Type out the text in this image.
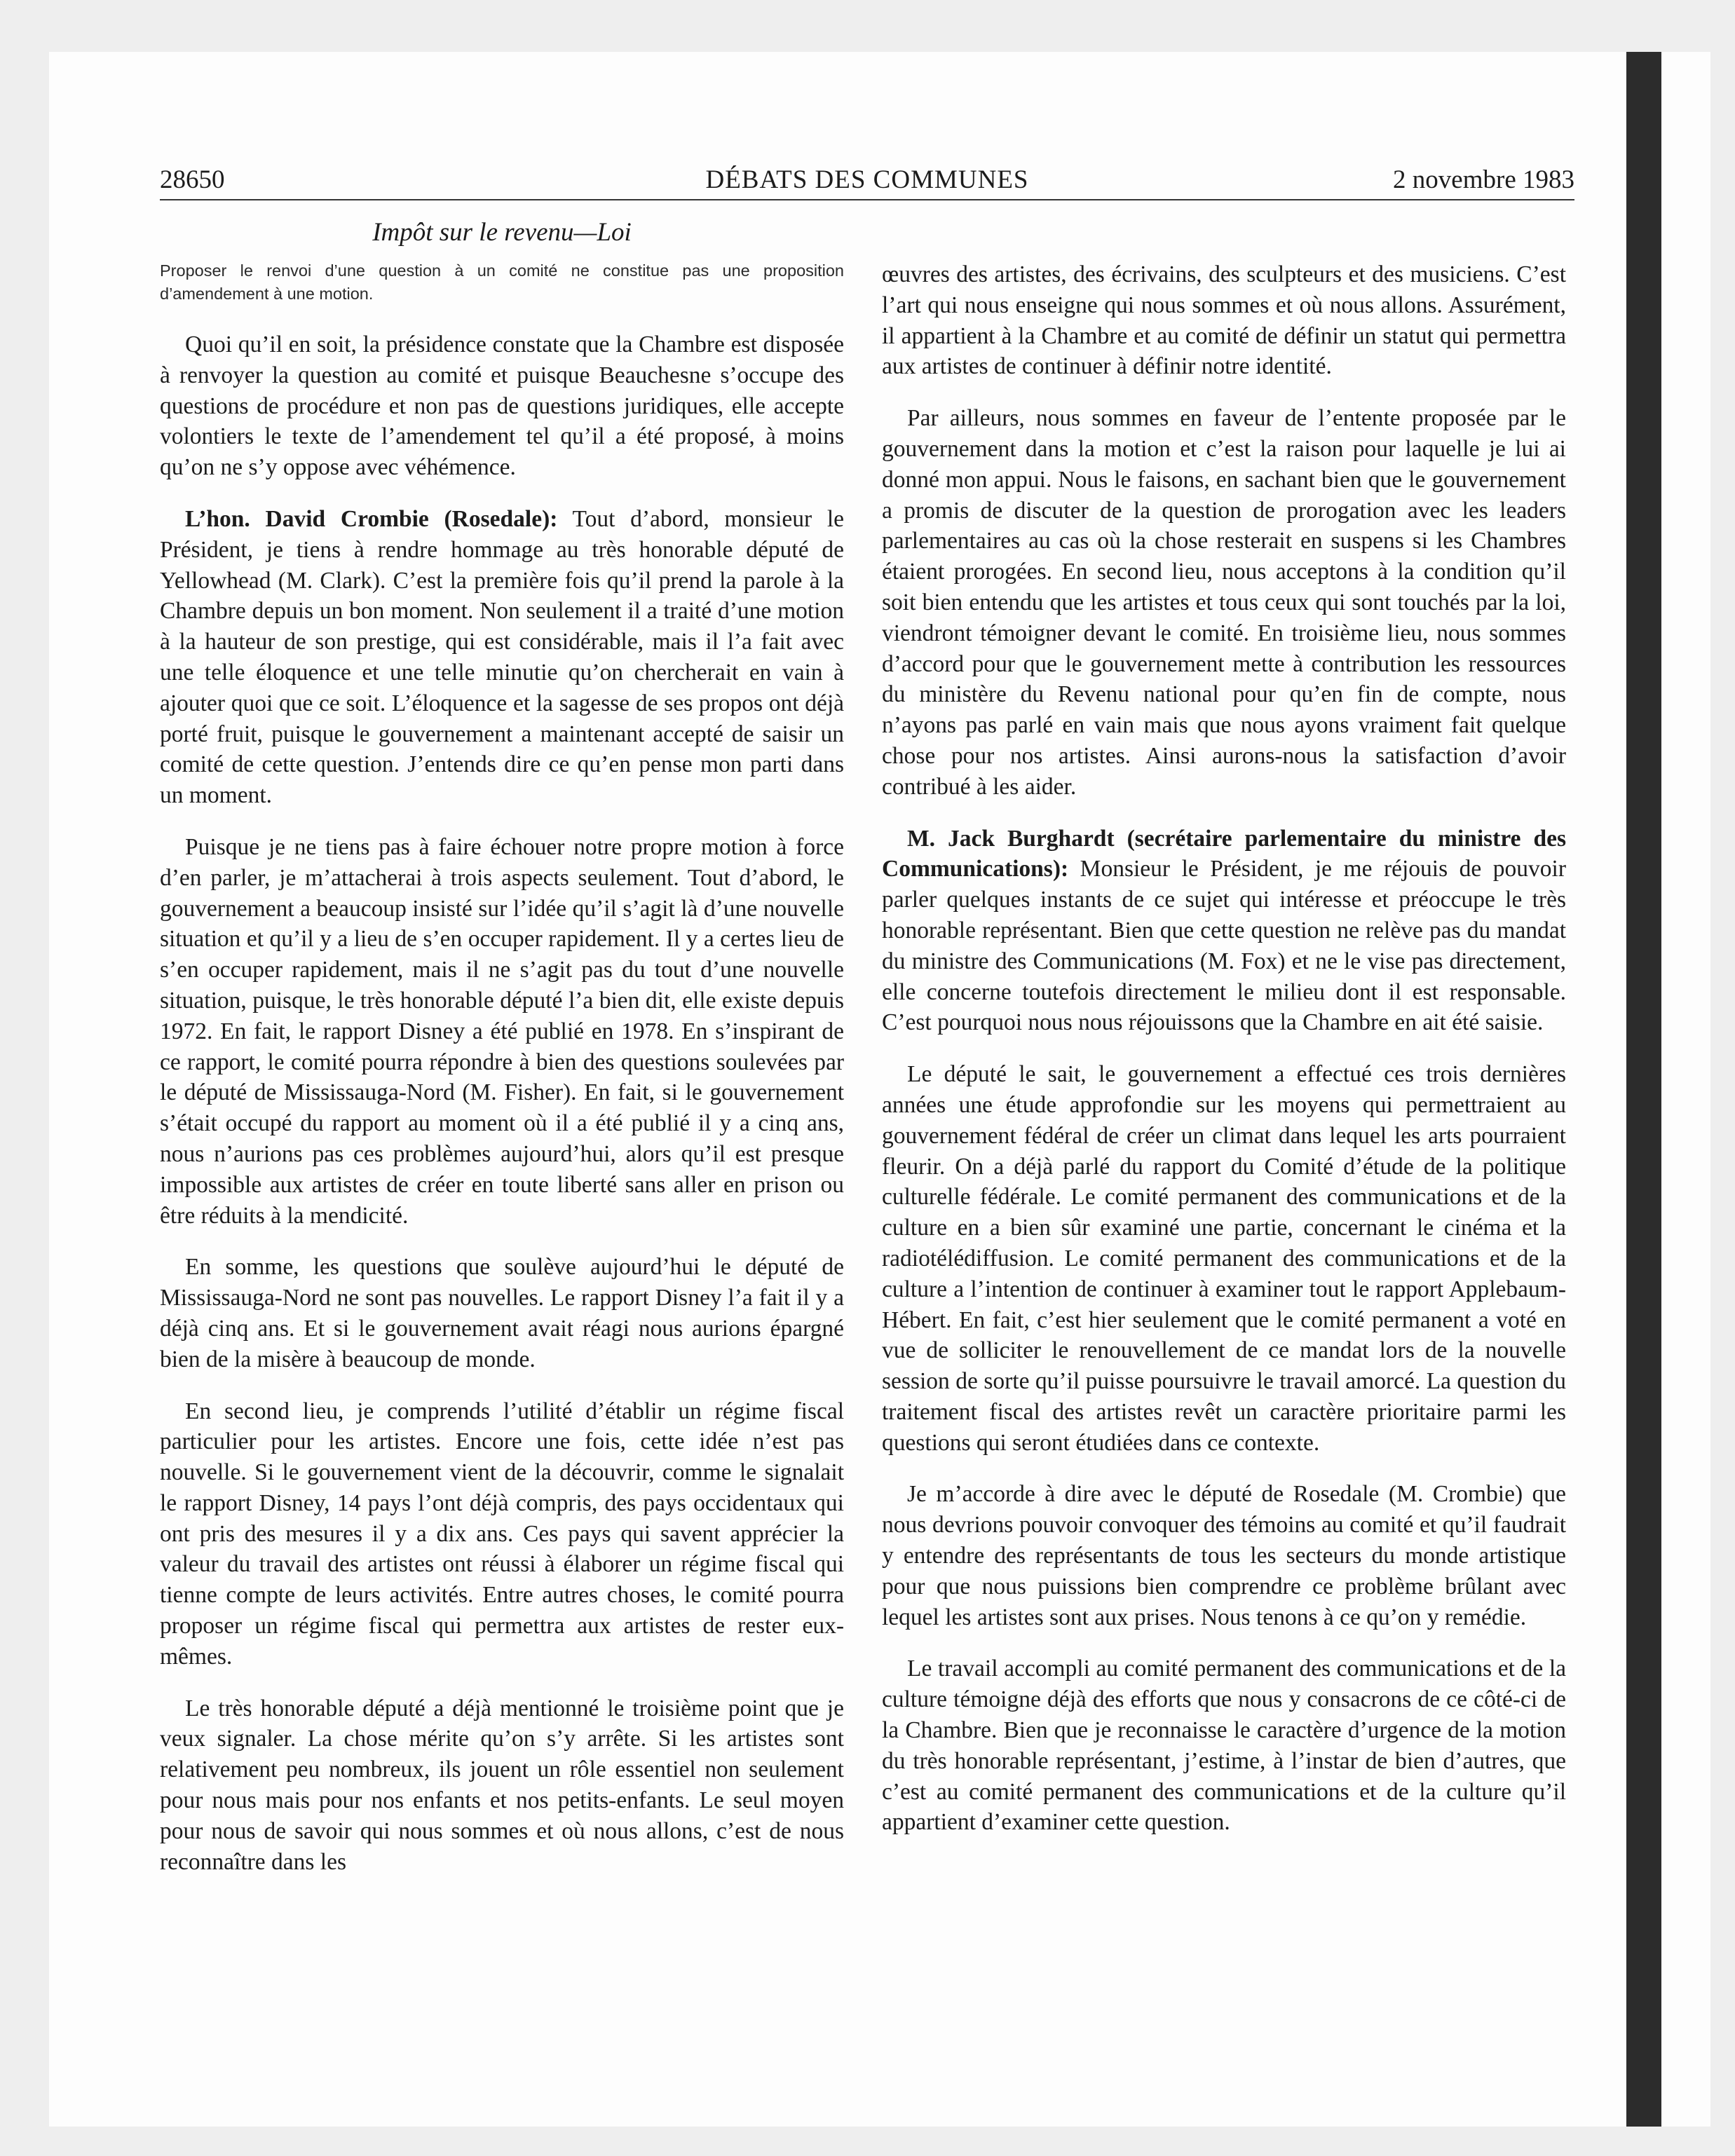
28650	DÉBATS DES COMMUNES	2 novembre 1983
Impôt sur le revenu—Loi

Proposer le renvoi d’une question à un comité ne constitue pas une proposition d’amendement à une motion.

Quoi qu’il en soit, la présidence constate que la Chambre est disposée à renvoyer la question au comité et puisque Beauchesne s’occupe des questions de procédure et non pas de questions juridiques, elle accepte volontiers le texte de l’amendement tel qu’il a été proposé, à moins qu’on ne s’y oppose avec véhémence.

L’hon. David Crombie (Rosedale): Tout d’abord, monsieur le Président, je tiens à rendre hommage au très honorable député de Yellowhead (M. Clark). C’est la première fois qu’il prend la parole à la Chambre depuis un bon moment. Non seulement il a traité d’une motion à la hauteur de son prestige, qui est considérable, mais il l’a fait avec une telle éloquence et une telle minutie qu’on chercherait en vain à ajouter quoi que ce soit. L’éloquence et la sagesse de ses propos ont déjà porté fruit, puisque le gouvernement a maintenant accepté de saisir un comité de cette question. J’entends dire ce qu’en pense mon parti dans un moment.

Puisque je ne tiens pas à faire échouer notre propre motion à force d’en parler, je m’attacherai à trois aspects seulement. Tout d’abord, le gouvernement a beaucoup insisté sur l’idée qu’il s’agit là d’une nouvelle situation et qu’il y a lieu de s’en occuper rapidement. Il y a certes lieu de s’en occuper rapidement, mais il ne s’agit pas du tout d’une nouvelle situation, puisque, le très honorable député l’a bien dit, elle existe depuis 1972. En fait, le rapport Disney a été publié en 1978. En s’inspirant de ce rapport, le comité pourra répondre à bien des questions soulevées par le député de Mississauga-Nord (M. Fisher). En fait, si le gouvernement s’était occupé du rapport au moment où il a été publié il y a cinq ans, nous n’aurions pas ces problèmes aujourd’hui, alors qu’il est presque impossible aux artistes de créer en toute liberté sans aller en prison ou être réduits à la mendicité.

En somme, les questions que soulève aujourd’hui le député de Mississauga-Nord ne sont pas nouvelles. Le rapport Disney l’a fait il y a déjà cinq ans. Et si le gouvernement avait réagi nous aurions épargné bien de la misère à beaucoup de monde.

En second lieu, je comprends l’utilité d’établir un régime fiscal particulier pour les artistes. Encore une fois, cette idée n’est pas nouvelle. Si le gouvernement vient de la découvrir, comme le signalait le rapport Disney, 14 pays l’ont déjà compris, des pays occidentaux qui ont pris des mesures il y a dix ans. Ces pays qui savent apprécier la valeur du travail des artistes ont réussi à élaborer un régime fiscal qui tienne compte de leurs activités. Entre autres choses, le comité pourra proposer un régime fiscal qui permettra aux artistes de rester eux-mêmes.

Le très honorable député a déjà mentionné le troisième point que je veux signaler. La chose mérite qu’on s’y arrête. Si les artistes sont relativement peu nombreux, ils jouent un rôle essentiel non seulement pour nous mais pour nos enfants et nos petits-enfants. Le seul moyen pour nous de savoir qui nous sommes et où nous allons, c’est de nous reconnaître dans les

œuvres des artistes, des écrivains, des sculpteurs et des musiciens. C’est l’art qui nous enseigne qui nous sommes et où nous allons. Assurément, il appartient à la Chambre et au comité de définir un statut qui permettra aux artistes de continuer à définir notre identité.

Par ailleurs, nous sommes en faveur de l’entente proposée par le gouvernement dans la motion et c’est la raison pour laquelle je lui ai donné mon appui. Nous le faisons, en sachant bien que le gouvernement a promis de discuter de la question de prorogation avec les leaders parlementaires au cas où la chose resterait en suspens si les Chambres étaient prorogées. En second lieu, nous acceptons à la condition qu’il soit bien entendu que les artistes et tous ceux qui sont touchés par la loi, viendront témoigner devant le comité. En troisième lieu, nous sommes d’accord pour que le gouvernement mette à contribution les ressources du ministère du Revenu national pour qu’en fin de compte, nous n’ayons pas parlé en vain mais que nous ayons vraiment fait quelque chose pour nos artistes. Ainsi aurons-nous la satisfaction d’avoir contribué à les aider.

M. Jack Burghardt (secrétaire parlementaire du ministre des Communications): Monsieur le Président, je me réjouis de pouvoir parler quelques instants de ce sujet qui intéresse et préoccupe le très honorable représentant. Bien que cette question ne relève pas du mandat du ministre des Communications (M. Fox) et ne le vise pas directement, elle concerne toutefois directement le milieu dont il est responsable. C’est pourquoi nous nous réjouissons que la Chambre en ait été saisie.

Le député le sait, le gouvernement a effectué ces trois dernières années une étude approfondie sur les moyens qui permettraient au gouvernement fédéral de créer un climat dans lequel les arts pourraient fleurir. On a déjà parlé du rapport du Comité d’étude de la politique culturelle fédérale. Le comité permanent des communications et de la culture en a bien sûr examiné une partie, concernant le cinéma et la radiotélédiffusion. Le comité permanent des communications et de la culture a l’intention de continuer à examiner tout le rapport Applebaum-Hébert. En fait, c’est hier seulement que le comité permanent a voté en vue de solliciter le renouvellement de ce mandat lors de la nouvelle session de sorte qu’il puisse poursuivre le travail amorcé. La question du traitement fiscal des artistes revêt un caractère prioritaire parmi les questions qui seront étudiées dans ce contexte.

Je m’accorde à dire avec le député de Rosedale (M. Crombie) que nous devrions pouvoir convoquer des témoins au comité et qu’il faudrait y entendre des représentants de tous les secteurs du monde artistique pour que nous puissions bien comprendre ce problème brûlant avec lequel les artistes sont aux prises. Nous tenons à ce qu’on y remédie.

Le travail accompli au comité permanent des communications et de la culture témoigne déjà des efforts que nous y consacrons de ce côté-ci de la Chambre. Bien que je reconnaisse le caractère d’urgence de la motion du très honorable représentant, j’estime, à l’instar de bien d’autres, que c’est au comité permanent des communications et de la culture qu’il appartient d’examiner cette question.
